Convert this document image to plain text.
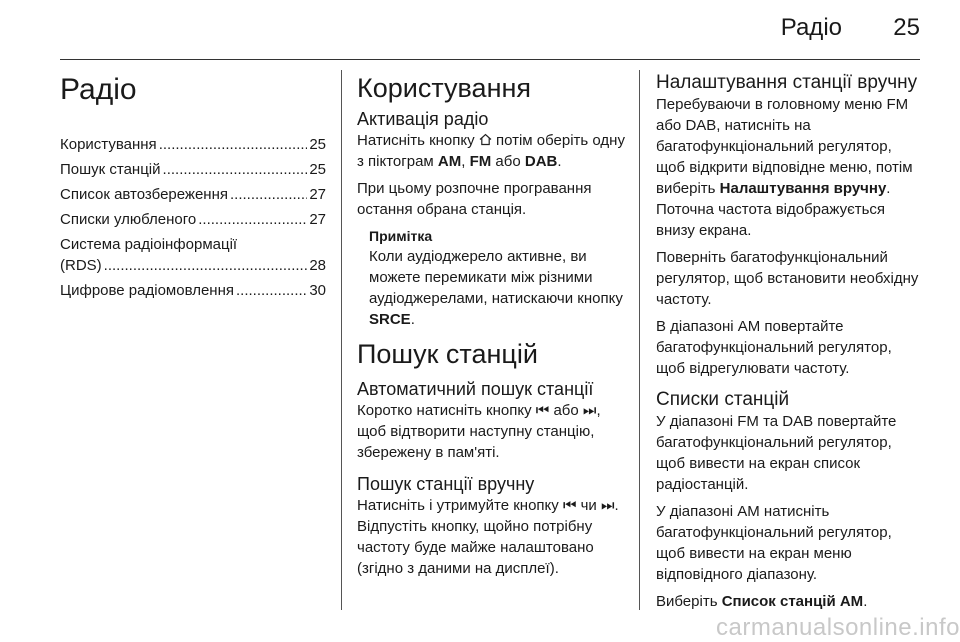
Радіо 25
Радіо
Користування .....	25
Пошук станцій .....	25
Список автозбереження .....	27
Списки улюбленого .....	27
Система радіоінформації
(RDS) .....	28
Цифрове радіомовлення .....	30
Користування
Активація радіо

Натисніть кнопку  потім оберіть одну з піктограм AM, FM або DAB.

При цьому розпочне програвання остання обрана станція.

Примітка

Коли аудіоджерело активне, ви можете перемикати між різними аудіоджерелами, натискаючи кнопку SRCE.

Пошук станцій
Автоматичний пошук станції

Коротко натисніть кнопку ⏮ або ⏭, щоб відтворити наступну станцію, збережену в пам'яті.

Пошук станції вручну

Натисніть і утримуйте кнопку ⏮ чи ⏭. Відпустіть кнопку, щойно потрібну частоту буде майже налаштовано (згідно з даними на дисплеї).

Налаштування станції вручну

Перебуваючи в головному меню FM або DAB, натисніть на багатофункціональний регулятор, щоб відкрити відповідне меню, потім виберіть Налаштування вручну. Поточна частота відображується внизу екрана.

Поверніть багатофункціональний регулятор, щоб встановити необхідну частоту.

В діапазоні AM повертайте багатофункціональний регулятор, щоб відрегулювати частоту.

Списки станцій

У діапазоні FM та DAB повертайте багатофункціональний регулятор, щоб вивести на екран список радіостанцій.

У діапазоні AM натисніть багатофункціональний регулятор, щоб вивести на екран меню відповідного діапазону.

Виберіть Список станцій AM.

carmanualsonline.info
